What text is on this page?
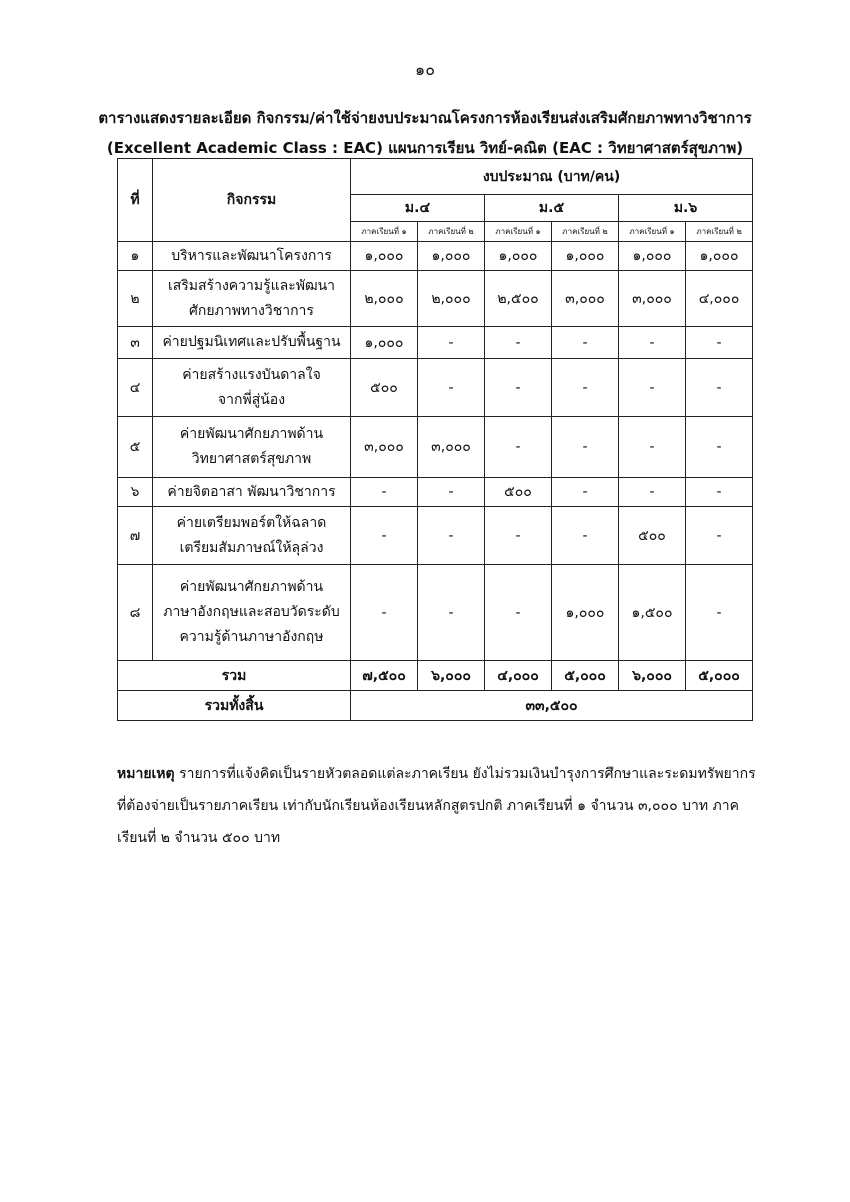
๑๐
ตารางแสดงรายละเอียด กิจกรรม/ค่าใช้จ่ายงบประมาณโครงการห้องเรียนส่งเสริมศักยภาพทางวิชาการ
(Excellent Academic Class : EAC) แผนการเรียน วิทย์-คณิต (EAC : วิทยาศาสตร์สุขภาพ)
ที่	กิจกรรม	งบประมาณ (บาท/คน)	

		ม.๔		ม.๕		ม.๖		
		ภาคเรียนที่ ๑	ภาคเรียนที่ ๒	ภาคเรียนที่ ๑	ภาคเรียนที่ ๒	ภาคเรียนที่ ๑	ภาคเรียนที่ ๒	
๑	บริหารและพัฒนาโครงการ	๑,๐๐๐	๑,๐๐๐	๑,๐๐๐	๑,๐๐๐	๑,๐๐๐	๑,๐๐๐	

๒	เสริมสร้างความรู้และพัฒนา
ศักยภาพทางวิชาการ	๒,๐๐๐	๒,๐๐๐	๒,๕๐๐	๓,๐๐๐	๓,๐๐๐	๔,๐๐๐	
๓	ค่ายปฐมนิเทศและปรับพื้นฐาน	๑,๐๐๐	-	-	-	-	-	
๔	ค่ายสร้างแรงบันดาลใจ
จากพี่สู่น้อง	๕๐๐	-	-	-	-	-	
๕	ค่ายพัฒนาศักยภาพด้าน
วิทยาศาสตร์สุขภาพ	๓,๐๐๐	๓,๐๐๐	-	-	-	-	
๖	ค่ายจิตอาสา พัฒนาวิชาการ	-	-	๕๐๐	-	-	-	
๗	ค่ายเตรียมพอร์ตให้ฉลาด
เตรียมสัมภาษณ์ให้ลุล่วง	-	-	-	-	๕๐๐	-	
๘	ค่ายพัฒนาศักยภาพด้าน
ภาษาอังกฤษและสอบวัดระดับ
ความรู้ด้านภาษาอังกฤษ	-	-	-	๑,๐๐๐	๑,๕๐๐	-	
รวม		๗,๕๐๐	๖,๐๐๐	๔,๐๐๐	๕,๐๐๐	๖,๐๐๐	๕,๐๐๐	
รวมทั้งสิ้น		๓๓,๕๐๐						
หมายเหตุ รายการที่แจ้งคิดเป็นรายหัวตลอดแต่ละภาคเรียน ยังไม่รวมเงินบำรุงการศึกษาและระดมทรัพยากรที่ต้องจ่ายเป็นรายภาคเรียน เท่ากับนักเรียนห้องเรียนหลักสูตรปกติ ภาคเรียนที่ ๑ จำนวน ๓,๐๐๐ บาท ภาคเรียนที่ ๒ จำนวน ๕๐๐ บาท
